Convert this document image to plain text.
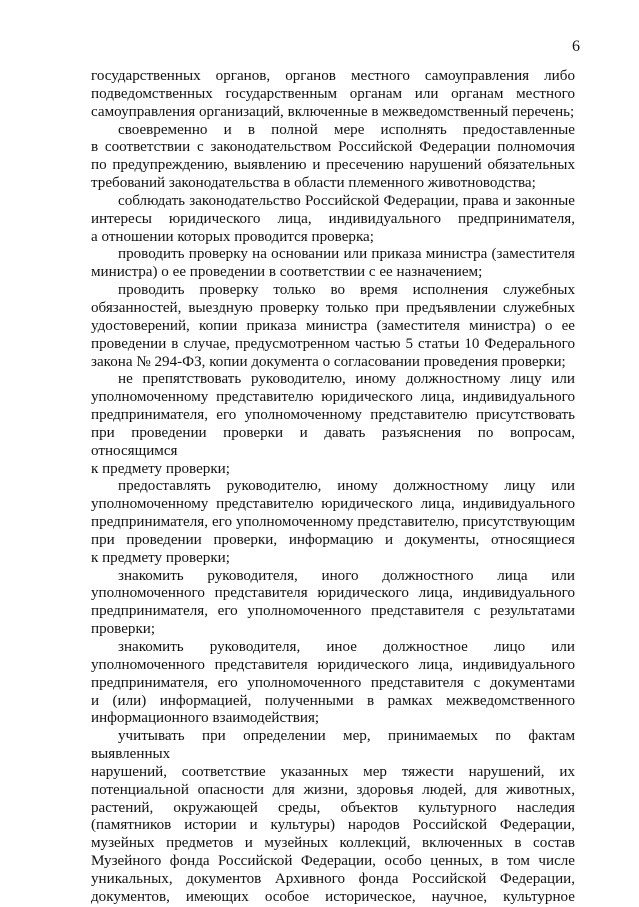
6

государственных органов, органов местного самоуправления либо
подведомственных государственным органам или органам местного
самоуправления организаций, включенные в межведомственный перечень;

своевременно и в полной мере исполнять предоставленные
в соответствии с законодательством Российской Федерации полномочия
по предупреждению, выявлению и пресечению нарушений обязательных
требований законодательства в области племенного животноводства;

соблюдать законодательство Российской Федерации, права и законные
интересы юридического лица, индивидуального предпринимателя,
а отношении которых проводится проверка;

проводить проверку на основании или приказа министра (заместителя
министра) о ее проведении в соответствии с ее назначением;

проводить проверку только во время исполнения служебных
обязанностей, выездную проверку только при предъявлении служебных
удостоверений, копии приказа министра (заместителя министра) о ее
проведении в случае, предусмотренном частью 5 статьи 10 Федерального
закона № 294-ФЗ, копии документа о согласовании проведения проверки;

не препятствовать руководителю, иному должностному лицу или
уполномоченному представителю юридического лица, индивидуального
предпринимателя, его уполномоченному представителю присутствовать
при проведении проверки и давать разъяснения по вопросам, относящимся
к предмету проверки;

предоставлять руководителю, иному должностному лицу или
уполномоченному представителю юридического лица, индивидуального
предпринимателя, его уполномоченному представителю, присутствующим
при проведении проверки, информацию и документы, относящиеся
к предмету проверки;

знакомить руководителя, иного должностного лица или
уполномоченного представителя юридического лица, индивидуального
предпринимателя, его уполномоченного представителя с результатами
проверки;

знакомить руководителя, иное должностное лицо или
уполномоченного представителя юридического лица, индивидуального
предпринимателя, его уполномоченного представителя с документами
и (или) информацией, полученными в рамках межведомственного
информационного взаимодействия;

учитывать при определении мер, принимаемых по фактам выявленных
нарушений, соответствие указанных мер тяжести нарушений, их
потенциальной опасности для жизни, здоровья людей, для животных,
растений, окружающей среды, объектов культурного наследия
(памятников истории и культуры) народов Российской Федерации,
музейных предметов и музейных коллекций, включенных в состав
Музейного фонда Российской Федерации, особо ценных, в том числе
уникальных, документов Архивного фонда Российской Федерации,
документов, имеющих особое историческое, научное, культурное
